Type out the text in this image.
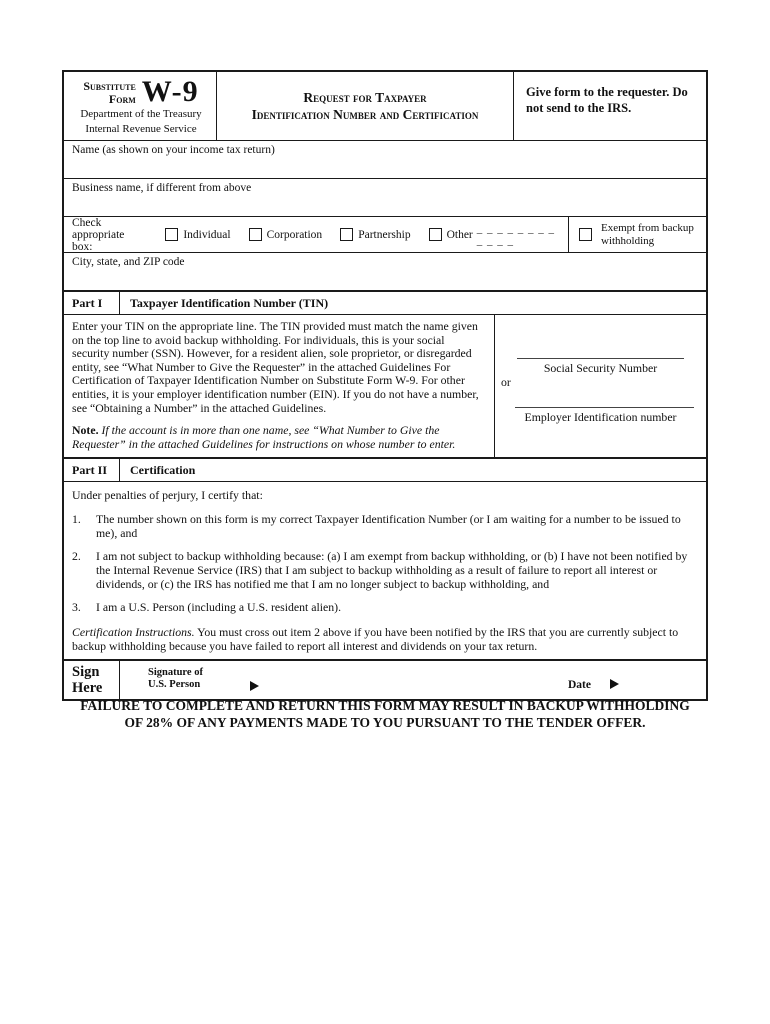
Substitute
Form W-9
Department of the Treasury
Internal Revenue Service
Request for Taxpayer
Identification Number and Certification
Give form to the requester. Do not send to the IRS.
Name (as shown on your income tax return)
Business name, if different from above
Check appropriate box:
Individual	Corporation	Partnership	Other _ _ _ _ _ _ _ _ _ _ _ _
Exempt from backup withholding
City, state, and ZIP code
Part I	Taxpayer Identification Number (TIN)
Enter your TIN on the appropriate line. The TIN provided must match the name given on the top line to avoid backup withholding. For individuals, this is your social security number (SSN). However, for a resident alien, sole proprietor, or disregarded entity, see “What Number to Give the Requester” in the attached Guidelines For Certification of Taxpayer Identification Number on Substitute Form W-9. For other entities, it is your employer identification number (EIN). If you do not have a number, see “Obtaining a Number” in the attached Guidelines.
Note. If the account is in more than one name, see “What Number to Give the Requester” in the attached Guidelines for instructions on whose number to enter.
Social Security Number
or
Employer Identification number
Part II	Certification
Under penalties of perjury, I certify that:
1.	The number shown on this form is my correct Taxpayer Identification Number (or I am waiting for a number to be issued to me), and
2.	I am not subject to backup withholding because: (a) I am exempt from backup withholding, or (b) I have not been notified by the Internal Revenue Service (IRS) that I am subject to backup withholding as a result of failure to report all interest or dividends, or (c) the IRS has notified me that I am no longer subject to backup withholding, and
3.	I am a U.S. Person (including a U.S. resident alien).
Certification Instructions. You must cross out item 2 above if you have been notified by the IRS that you are currently subject to backup withholding because you have failed to report all interest and dividends on your tax return.
Sign
Here
Signature of
U.S. Person	Date
FAILURE TO COMPLETE AND RETURN THIS FORM MAY RESULT IN BACKUP WITHHOLDING
OF 28% OF ANY PAYMENTS MADE TO YOU PURSUANT TO THE TENDER OFFER.
